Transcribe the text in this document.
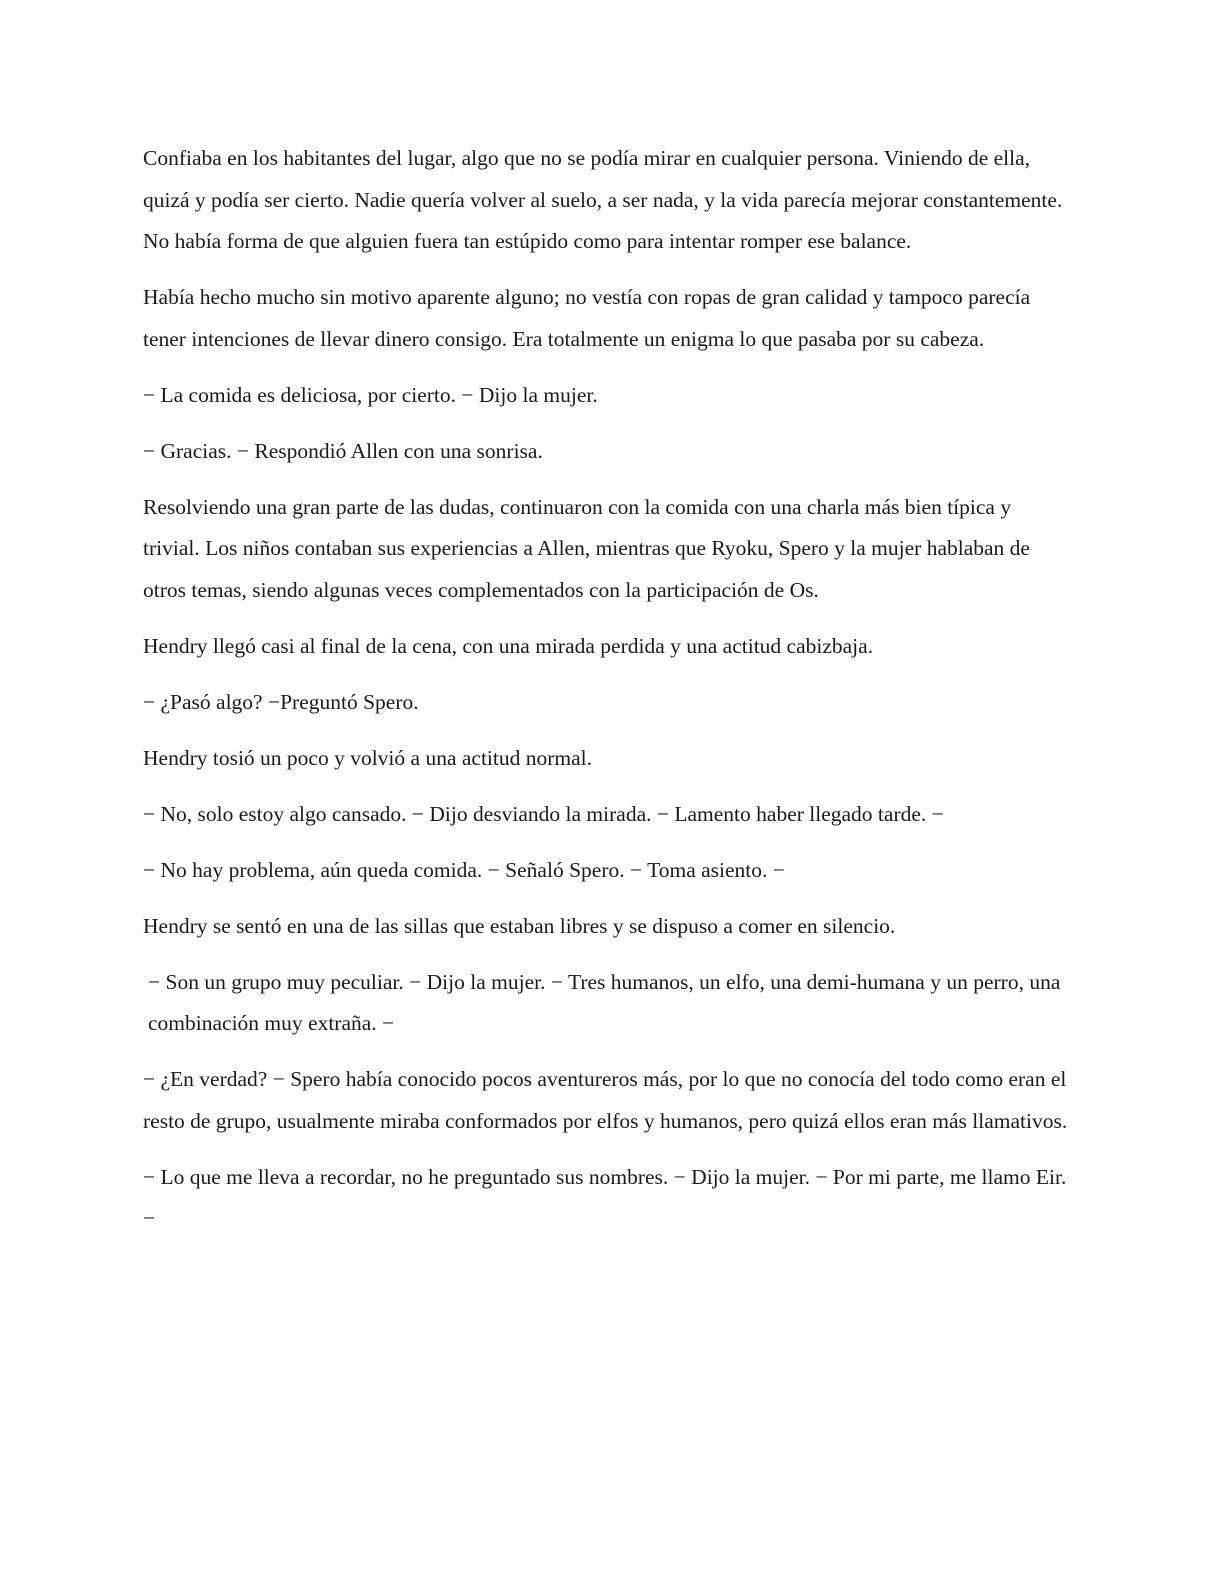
Confiaba en los habitantes del lugar, algo que no se podía mirar en cualquier persona. Viniendo de ella, quizá y podía ser cierto. Nadie quería volver al suelo, a ser nada, y la vida parecía mejorar constantemente. No había forma de que alguien fuera tan estúpido como para intentar romper ese balance.

Había hecho mucho sin motivo aparente alguno; no vestía con ropas de gran calidad y tampoco parecía tener intenciones de llevar dinero consigo. Era totalmente un enigma lo que pasaba por su cabeza.

− La comida es deliciosa, por cierto. − Dijo la mujer.

− Gracias. − Respondió Allen con una sonrisa.

Resolviendo una gran parte de las dudas, continuaron con la comida con una charla más bien típica y trivial. Los niños contaban sus experiencias a Allen, mientras que Ryoku, Spero y la mujer hablaban de otros temas, siendo algunas veces complementados con la participación de Os.

Hendry llegó casi al final de la cena, con una mirada perdida y una actitud cabizbaja.

− ¿Pasó algo? −Preguntó Spero.

Hendry tosió un poco y volvió a una actitud normal.

− No, solo estoy algo cansado. − Dijo desviando la mirada. − Lamento haber llegado tarde. −

− No hay problema, aún queda comida. − Señaló Spero. − Toma asiento. −

Hendry se sentó en una de las sillas que estaban libres y se dispuso a comer en silencio.

− Son un grupo muy peculiar. − Dijo la mujer. − Tres humanos, un elfo, una demi-humana y un perro, una combinación muy extraña. −

− ¿En verdad? − Spero había conocido pocos aventureros más, por lo que no conocía del todo como eran el resto de grupo, usualmente miraba conformados por elfos y humanos, pero quizá ellos eran más llamativos.

− Lo que me lleva a recordar, no he preguntado sus nombres. − Dijo la mujer. − Por mi parte, me llamo Eir. −
